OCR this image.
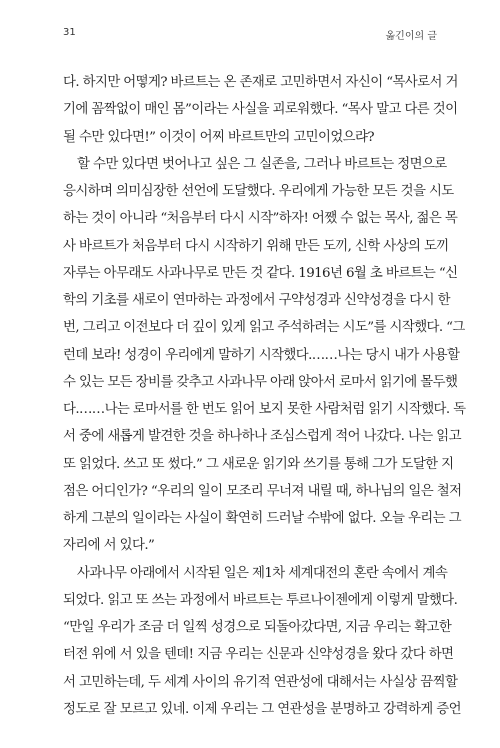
31	옮긴이의 글
다. 하지만 어떻게? 바르트는 온 존재로 고민하면서 자신이 “목사로서 거
기에 꼼짝없이 매인 몸”이라는 사실을 괴로워했다. “목사 말고 다른 것이
될 수만 있다면!” 이것이 어찌 바르트만의 고민이었으랴?
할 수만 있다면 벗어나고 싶은 그 실존을, 그러나 바르트는 정면으로
응시하며 의미심장한 선언에 도달했다. 우리에게 가능한 모든 것을 시도
하는 것이 아니라 “처음부터 다시 시작”하자! 어쨌 수 없는 목사, 젊은 목
사 바르트가 처음부터 다시 시작하기 위해 만든 도끼, 신학 사상의 도끼
자루는 아무래도 사과나무로 만든 것 같다. 1916년 6월 초 바르트는 “신
학의 기초를 새로이 연마하는 과정에서 구약성경과 신약성경을 다시 한
번, 그리고 이전보다 더 깊이 있게 읽고 주석하려는 시도”를 시작했다. “그
런데 보라! 성경이 우리에게 말하기 시작했다.……나는 당시 내가 사용할
수 있는 모든 장비를 갖추고 사과나무 아래 앉아서 로마서 읽기에 몰두했
다.……나는 로마서를 한 번도 읽어 보지 못한 사람처럼 읽기 시작했다. 독
서 중에 새롭게 발견한 것을 하나하나 조심스럽게 적어 나갔다. 나는 읽고
또 읽었다. 쓰고 또 썼다.” 그 새로운 읽기와 쓰기를 통해 그가 도달한 지
점은 어디인가? “우리의 일이 모조리 무너져 내릴 때, 하나님의 일은 철저
하게 그분의 일이라는 사실이 확연히 드러날 수밖에 없다. 오늘 우리는 그
자리에 서 있다.”
사과나무 아래에서 시작된 일은 제1차 세계대전의 혼란 속에서 계속
되었다. 읽고 또 쓰는 과정에서 바르트는 투르나이젠에게 이렇게 말했다.
“만일 우리가 조금 더 일찍 성경으로 되돌아갔다면, 지금 우리는 확고한
터전 위에 서 있을 텐데! 지금 우리는 신문과 신약성경을 왔다 갔다 하면
서 고민하는데, 두 세계 사이의 유기적 연관성에 대해서는 사실상 끔찍할
정도로 잘 모르고 있네. 이제 우리는 그 연관성을 분명하고 강력하게 증언
